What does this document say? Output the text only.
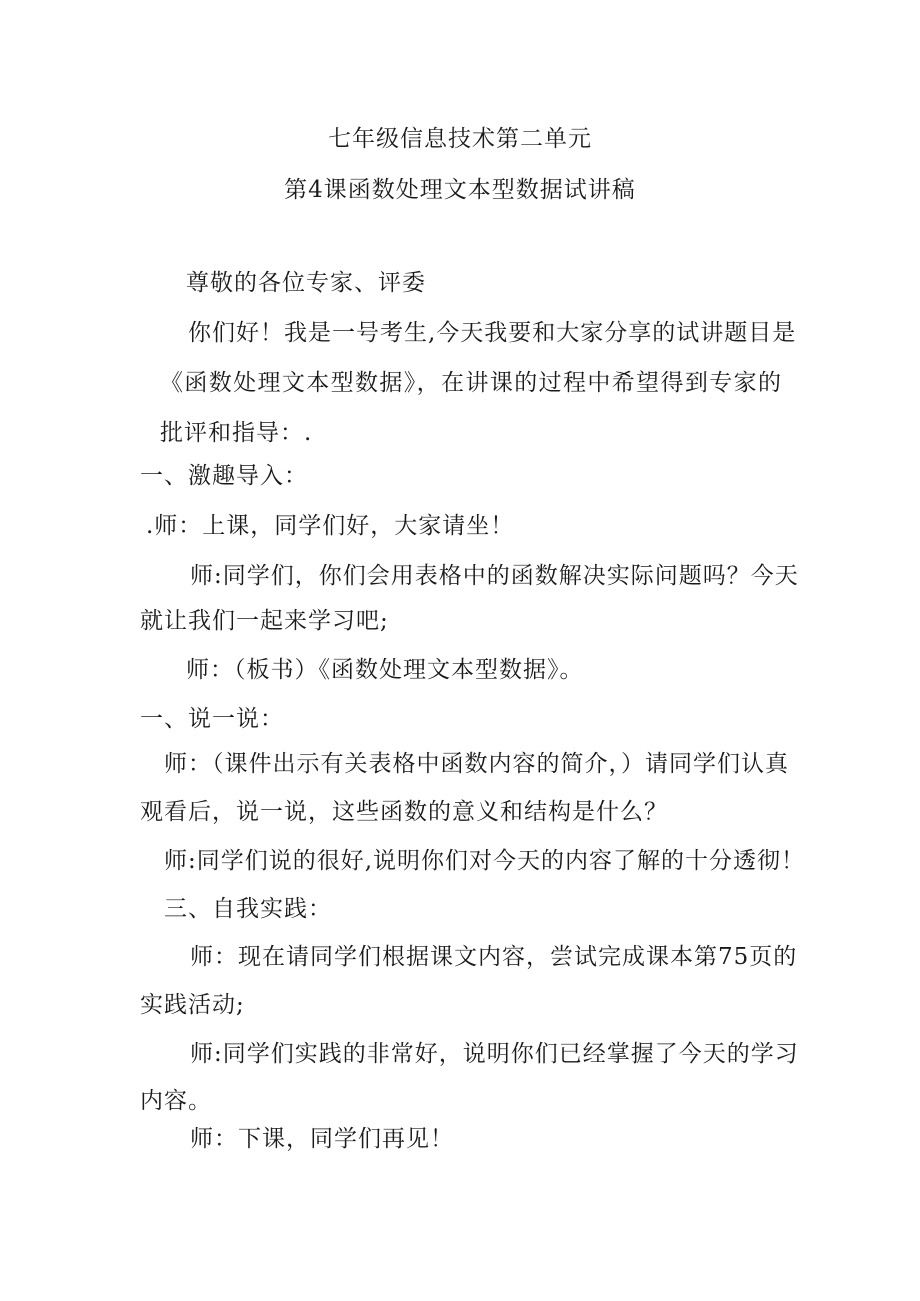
七年级信息技术第二单元
第4课函数处理文本型数据试讲稿
尊敬的各位专家、评委
你们好！我是一号考生,今天我要和大家分享的试讲题目是
《函数处理文本型数据》，在讲课的过程中希望得到专家的
批评和指导：.
一、激趣导入：
.师：上课，同学们好，大家请坐！
师:同学们，你们会用表格中的函数解决实际问题吗？今天
就让我们一起来学习吧;
师：（板书）《函数处理文本型数据》。
一、说一说：
师：（课件出示有关表格中函数内容的简介，）请同学们认真
观看后，说一说，这些函数的意义和结构是什么？
师:同学们说的很好,说明你们对今天的内容了解的十分透彻！
三、自我实践：
师：现在请同学们根据课文内容，尝试完成课本第75页的
实践活动;
师:同学们实践的非常好，说明你们已经掌握了今天的学习
内容。
师：下课，同学们再见！
